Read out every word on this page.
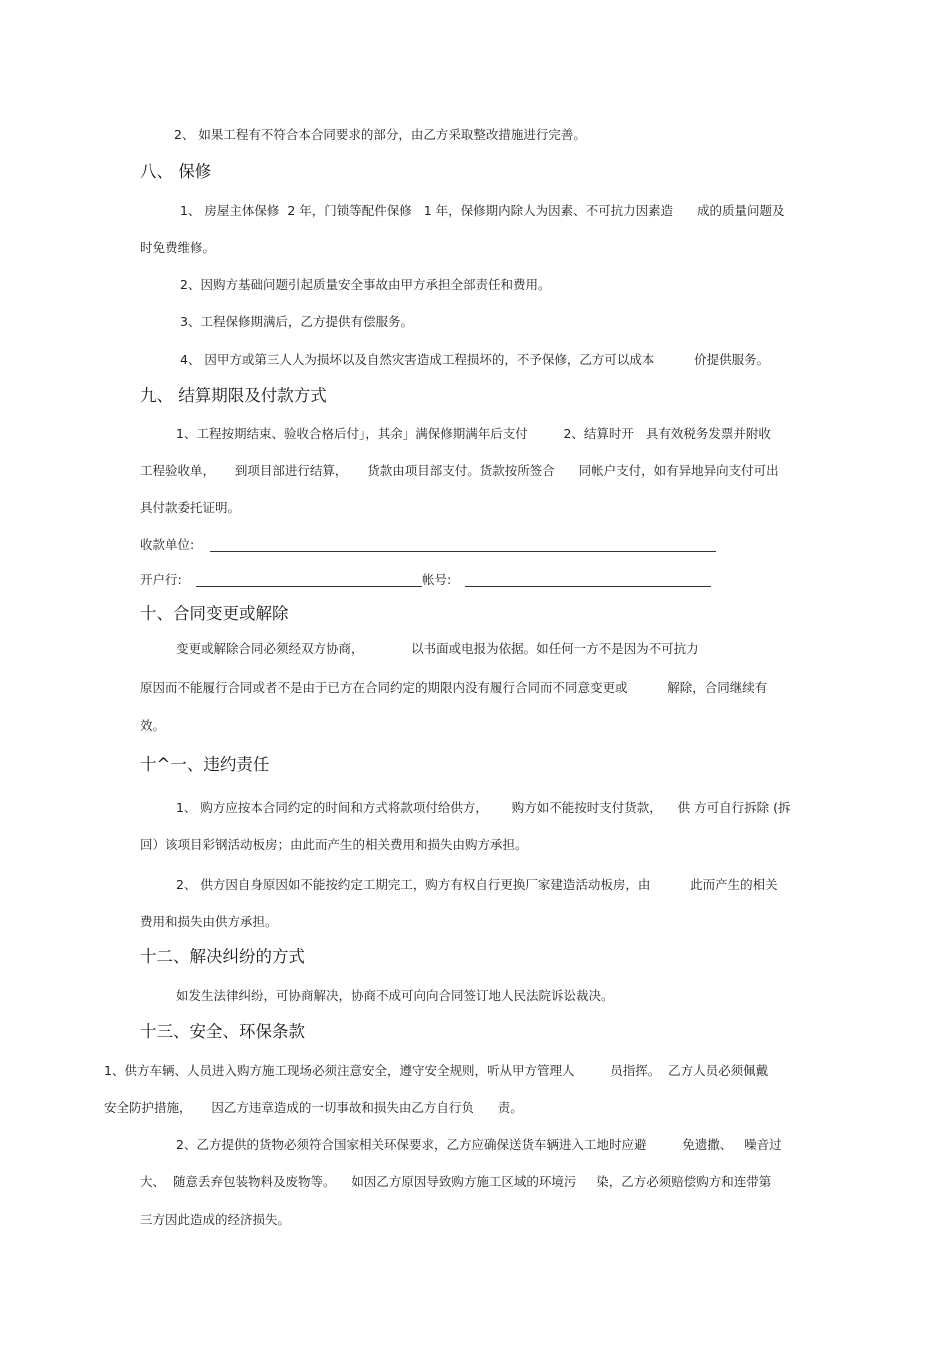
2、 如果工程有不符合本合同要求的部分，由乙方采取整改措施进行完善。
八、 保修
1、 房屋主体保修  2 年，门锁等配件保修   1 年，保修期内除人为因素、不可抗力因素造      成的质量问题及
时免费维修。
2、因购方基础问题引起质量安全事故由甲方承担全部责任和费用。
3、工程保修期满后，乙方提供有偿服务。
4、 因甲方或第三人人为损坏以及自然灾害造成工程损坏的，不予保修，乙方可以成本          价提供服务。
九、 结算期限及付款方式
1、工程按期结束、验收合格后付」，其余」满保修期满年后支付         2、结算时开   具有效税务发票并附收
工程验收单，     到项目部进行结算，     货款由项目部支付。货款按所签合      同帐户支付，如有异地异向支付可出
具付款委托证明。
收款单位:
开户行:	帐号:
十、合同变更或解除
变更或解除合同必须经双方协商，            以书面或电报为依据。如任何一方不是因为不可抗力
原因而不能履行合同或者不是由于已方在合同约定的期限内没有履行合同而不同意变更或          解除，合同继续有
效。
十^一、违约责任
1、 购方应按本合同约定的时间和方式将款项付给供方，      购方如不能按时支付货款，    供 方可自行拆除 (拆
回）该项目彩钢活动板房；由此而产生的相关费用和损失由购方承担。
2、 供方因自身原因如不能按约定工期完工，购方有权自行更换厂家建造活动板房，由          此而产生的相关
费用和损失由供方承担。
十二、解决纠纷的方式
如发生法律纠纷，可协商解决，协商不成可向向合同签订地人民法院诉讼裁决。
十三、安全、环保条款
1、供方车辆、人员进入购方施工现场必须注意安全，遵守安全规则，听从甲方管理人         员指挥。  乙方人员必须佩戴
安全防护措施，     因乙方违章造成的一切事故和损失由乙方自行负      责。
2、乙方提供的货物必须符合国家相关环保要求，乙方应确保送货车辆进入工地时应避         免遗撒、   噪音过
大、  随意丢弃包装物料及废物等。    如因乙方原因导致购方施工区域的环境污     染，乙方必须赔偿购方和连带第
三方因此造成的经济损失。
